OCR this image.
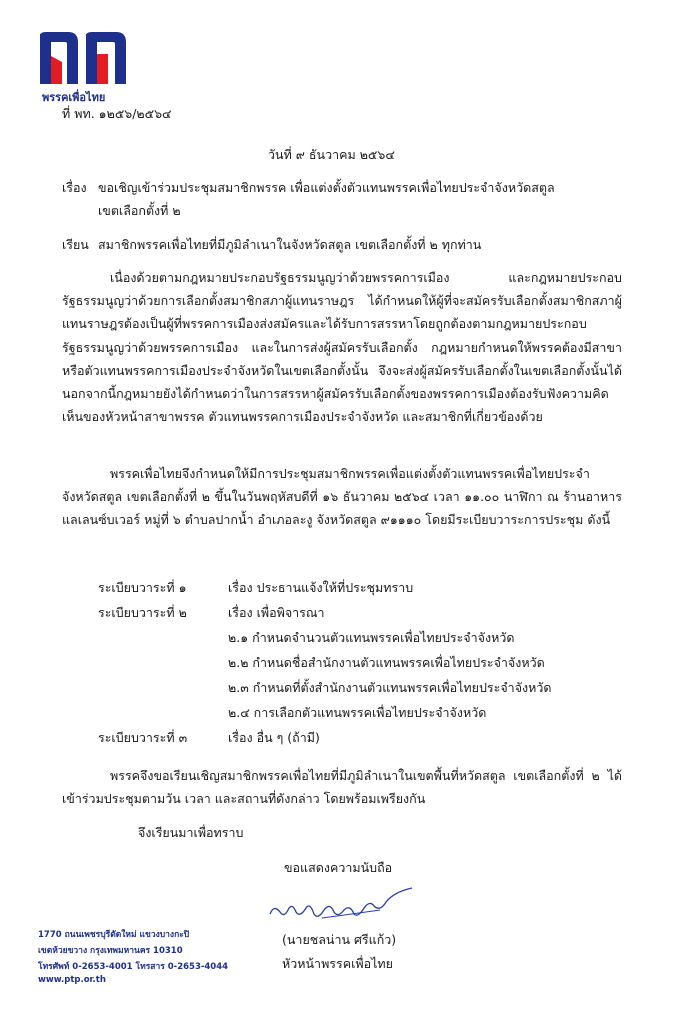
พรรคเพื่อไทย
ที่ พท. ๑๒๕๖/๒๕๖๔
วันที่ ๙ ธันวาคม ๒๕๖๔
เรื่อง ขอเชิญเข้าร่วมประชุมสมาชิกพรรค เพื่อแต่งตั้งตัวแทนพรรคเพื่อไทยประจำจังหวัดสตูล
เขตเลือกตั้งที่ ๒
เรียน สมาชิกพรรคเพื่อไทยที่มีภูมิลำเนาในจังหวัดสตูล เขตเลือกตั้งที่ ๒ ทุกท่าน
เนื่องด้วยตามกฎหมายประกอบรัฐธรรมนูญว่าด้วยพรรคการเมือง และกฎหมายประกอบรัฐธรรมนูญว่าด้วยการเลือกตั้งสมาชิกสภาผู้แทนราษฎร ได้กำหนดให้ผู้ที่จะสมัครรับเลือกตั้งสมาชิกสภาผู้แทนราษฎรต้องเป็นผู้ที่พรรคการเมืองส่งสมัครและได้รับการสรรหาโดยถูกต้องตามกฎหมายประกอบรัฐธรรมนูญว่าด้วยพรรคการเมือง และในการส่งผู้สมัครรับเลือกตั้ง กฎหมายกำหนดให้พรรคต้องมีสาขาหรือตัวแทนพรรคการเมืองประจำจังหวัดในเขตเลือกตั้งนั้น จึงจะส่งผู้สมัครรับเลือกตั้งในเขตเลือกตั้งนั้นได้ นอกจากนี้กฎหมายยังได้กำหนดว่าในการสรรหาผู้สมัครรับเลือกตั้งของพรรคการเมืองต้องรับฟังความคิดเห็นของหัวหน้าสาขาพรรค ตัวแทนพรรคการเมืองประจำจังหวัด และสมาชิกที่เกี่ยวข้องด้วย
พรรคเพื่อไทยจึงกำหนดให้มีการประชุมสมาชิกพรรคเพื่อแต่งตั้งตัวแทนพรรคเพื่อไทยประจำจังหวัดสตูล เขตเลือกตั้งที่ ๒ ขึ้นในวันพฤหัสบดีที่ ๑๖ ธันวาคม ๒๕๖๔ เวลา ๑๑.๐๐ นาฬิกา ณ ร้านอาหาร แลเลนซ์บเวอร์ หมู่ที่ ๖ ตำบลปากน้ำ อำเภอละงู จังหวัดสตูล ๙๑๑๑๐ โดยมีระเบียบวาระการประชุม ดังนี้
ระเบียบวาระที่ ๑	เรื่อง ประธานแจ้งให้ที่ประชุมทราบ
ระเบียบวาระที่ ๒	เรื่อง เพื่อพิจารณา
๒.๑ กำหนดจำนวนตัวแทนพรรคเพื่อไทยประจำจังหวัด
๒.๒ กำหนดชื่อสำนักงานตัวแทนพรรคเพื่อไทยประจำจังหวัด
๒.๓ กำหนดที่ตั้งสำนักงานตัวแทนพรรคเพื่อไทยประจำจังหวัด
๒.๔ การเลือกตัวแทนพรรคเพื่อไทยประจำจังหวัด
ระเบียบวาระที่ ๓	เรื่อง อื่น ๆ (ถ้ามี)
พรรคจึงขอเรียนเชิญสมาชิกพรรคเพื่อไทยที่มีภูมิลำเนาในเขตพื้นที่หวัดสตูล เขตเลือกตั้งที่ ๒ ได้เข้าร่วมประชุมตามวัน เวลา และสถานที่ดังกล่าว โดยพร้อมเพรียงกัน
จึงเรียนมาเพื่อทราบ
ขอแสดงความนับถือ
(นายชลน่าน ศรีแก้ว)
หัวหน้าพรรคเพื่อไทย
1770 ถนนเพชรบุรีตัดใหม่ แขวงบางกะปิ
เขตห้วยขวาง กรุงเทพมหานคร 10310
โทรศัพท์ 0-2653-4001 โทรสาร 0-2653-4044
www.ptp.or.th
